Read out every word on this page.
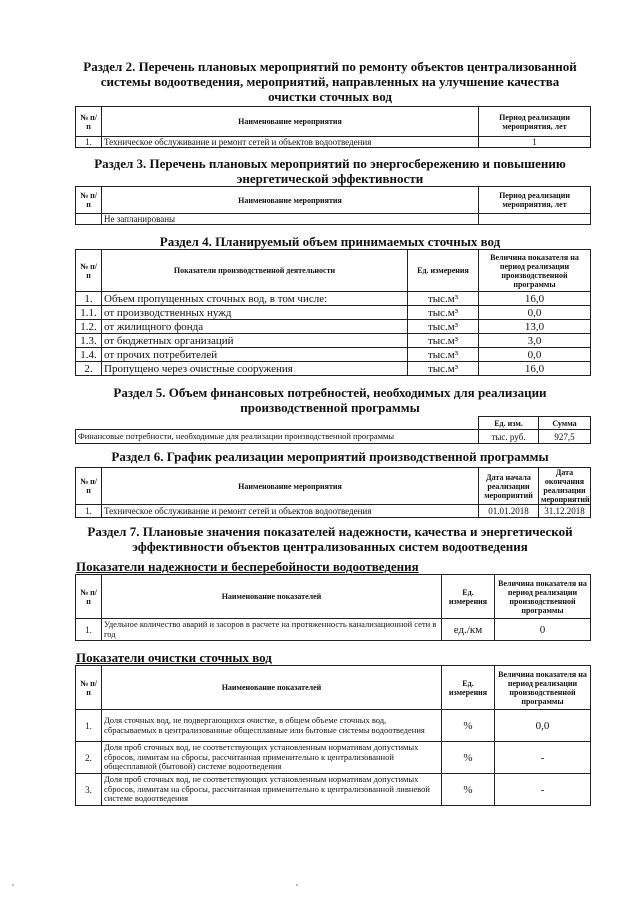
Раздел 2. Перечень плановых мероприятий по ремонту объектов централизованной
системы водоотведения, мероприятий, направленных на улучшение качества
очистки сточных вод
№ п/п	Наименование мероприятия	Период реализации мероприятия, лет
1.	Техническое обслуживание и ремонт сетей и объектов водоотведения	1
Раздел 3. Перечень плановых мероприятий по энергосбережению и повышению
энергетической эффективности
№ п/п	Наименование мероприятия	Период реализации мероприятия, лет
	Не запланированы	
Раздел 4. Планируемый объем принимаемых сточных вод
№ п/п	Показатели производственной деятельности	Ед. измерения	Величина показателя на период реализации производственной программы
1.	Объем пропущенных сточных вод, в том числе:	тыс.м³	16,0
1.1.	от производственных нужд	тыс.м³	0,0
1.2.	от жилищного фонда	тыс.м³	13,0
1.3.	от бюджетных организаций	тыс.м³	3,0
1.4.	от прочих потребителей	тыс.м³	0,0
2.	Пропущено через очистные сооружения	тыс.м³	16,0
Раздел 5. Объем финансовых потребностей, необходимых для реализации
производственной программы
	Ед. изм.	Сумма
Финансовые потребности, необходимые для реализации производственной программы	тыс. руб.	927,5
Раздел 6. График реализации мероприятий производственной программы
№ п/п	Наименование мероприятия	Дата начала реализации мероприятий	Дата окончания реализации мероприятий
1.	Техническое обслуживание и ремонт сетей и объектов водоотведения	01.01.2018	31.12.2018
Раздел 7. Плановые значения показателей надежности, качества и энергетической
эффективности объектов централизованных систем водоотведения
Показатели надежности и бесперебойности водоотведения
№ п/п	Наименование показателей	Ед. измерения	Величина показателя на период реализации производственной программы
1.	Удельное количество аварий и засоров в расчете на протяженность канализационной сети в год	ед./км	0
Показатели очистки сточных вод
№ п/п	Наименование показателей	Ед. измерения	Величина показателя на период реализации производственной программы
1.	Доля сточных вод, не подвергающихся очистке, в общем объеме сточных вод, сбрасываемых в централизованные общесплавные или бытовые системы водоотведения	%	0,0
2.	Доля проб сточных вод, не соответствующих установленным нормативам допустимых сбросов, лимитам на сбросы, рассчитанная применительно к централизованной общесплавной (бытовой) системе водоотведения	%	-
3.	Доля проб сточных вод, не соответствующих установленным нормативам допустимых сбросов, лимитам на сбросы, рассчитанная применительно к централизованной ливневой системе водоотведения	%	-
